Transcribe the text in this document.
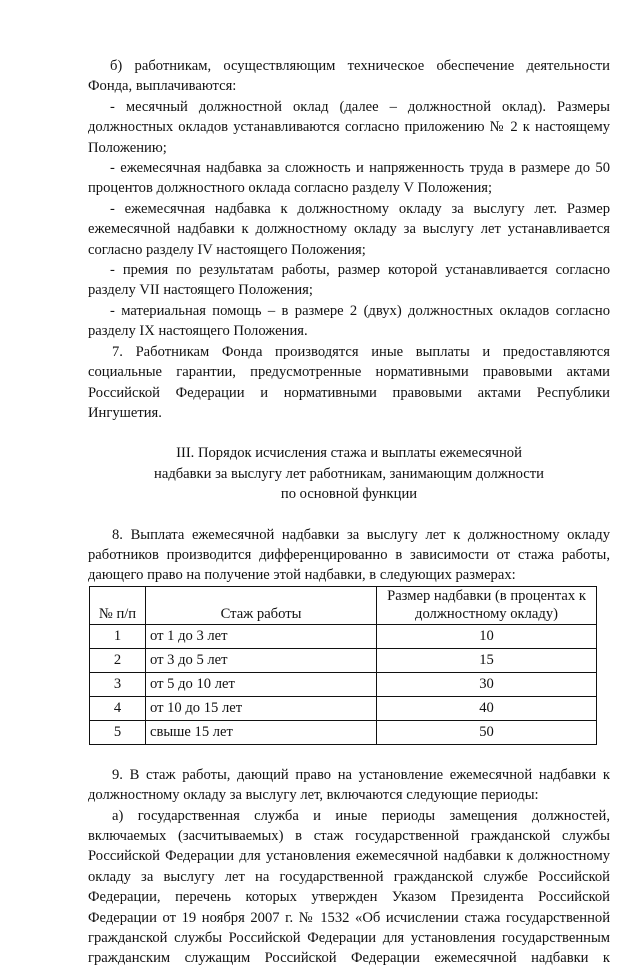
б) работникам, осуществляющим техническое обеспечение деятельности Фонда, выплачиваются:

- месячный должностной оклад (далее – должностной оклад). Размеры должностных окладов устанавливаются согласно приложению № 2 к настоящему Положению;

- ежемесячная надбавка за сложность и напряженность труда в размере до 50 процентов должностного оклада согласно разделу V Положения;

- ежемесячная надбавка к должностному окладу за выслугу лет. Размер ежемесячной надбавки к должностному окладу за выслугу лет устанавливается согласно разделу IV настоящего Положения;

- премия по результатам работы, размер которой устанавливается согласно разделу VII настоящего Положения;

- материальная помощь – в размере 2 (двух) должностных окладов согласно разделу IX настоящего Положения.

7. Работникам Фонда производятся иные выплаты и предоставляются социальные гарантии, предусмотренные нормативными правовыми актами Российской Федерации и нормативными правовыми актами Республики Ингушетия.

III. Порядок исчисления стажа и выплаты ежемесячной

надбавки за выслугу лет работникам, занимающим должности

по основной функции

8. Выплата ежемесячной надбавки за выслугу лет к должностному окладу работников производится дифференцированно в зависимости от стажа работы, дающего право на получение этой надбавки, в следующих размерах:

№ п/п	Стаж работы	Размер надбавки (в процентах к должностному окладу)
1	от 1 до 3 лет	10
2	от 3 до 5 лет	15
3	от 5 до 10 лет	30
4	от 10 до 15 лет	40
5	свыше 15 лет	50

9. В стаж работы, дающий право на установление ежемесячной надбавки к должностному окладу за выслугу лет, включаются следующие периоды:

а) государственная служба и иные периоды замещения должностей, включаемых (засчитываемых) в стаж государственной гражданской службы Российской Федерации для установления ежемесячной надбавки к должностному окладу за выслугу лет на государственной гражданской службе Российской Федерации, перечень которых утвержден Указом Президента Российской Федерации от 19 ноября 2007 г. № 1532 «Об исчислении стажа государственной гражданской службы Российской Федерации для установления государственным гражданским служащим Российской Федерации ежемесячной надбавки к
